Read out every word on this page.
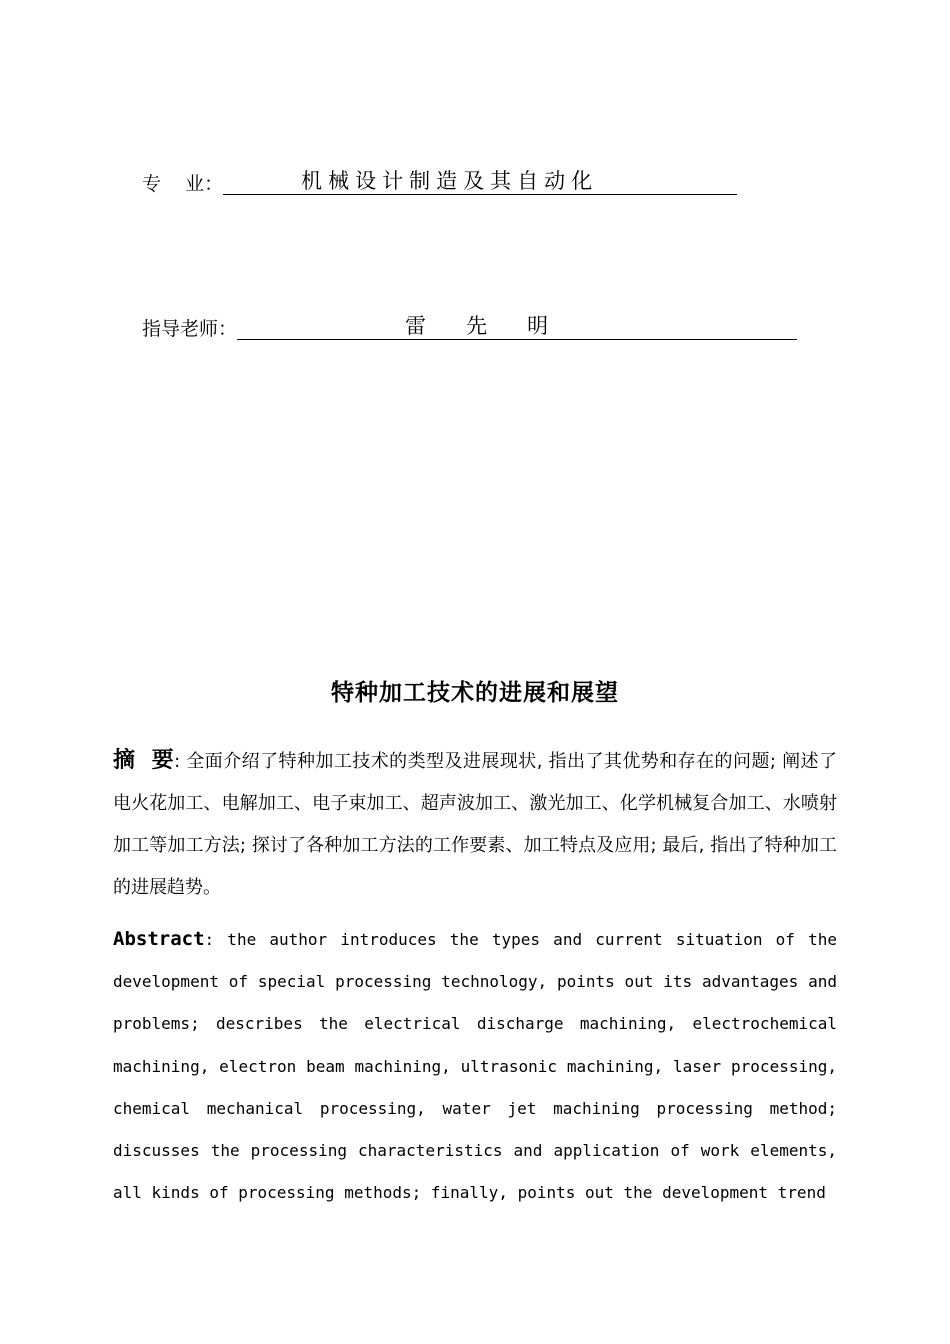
专    业：	机械设计制造及其自动化
指导老师：	雷      先      明
特种加工技术的进展和展望
摘  要: 全面介绍了特种加工技术的类型及进展现状, 指出了其优势和存在的问题; 阐述了电火花加工、电解加工、电子束加工、超声波加工、激光加工、化学机械复合加工、水喷射加工等加工方法; 探讨了各种加工方法的工作要素、加工特点及应用; 最后, 指出了特种加工的进展趋势。
Abstract: the author introduces the types and current situation of the development of special processing technology, points out its advantages and problems; describes the electrical discharge machining, electrochemical machining, electron beam machining, ultrasonic machining, laser processing, chemical mechanical processing, water jet machining processing method; discusses the processing characteristics and application of work elements, all kinds of processing methods; finally, points out the development trend
